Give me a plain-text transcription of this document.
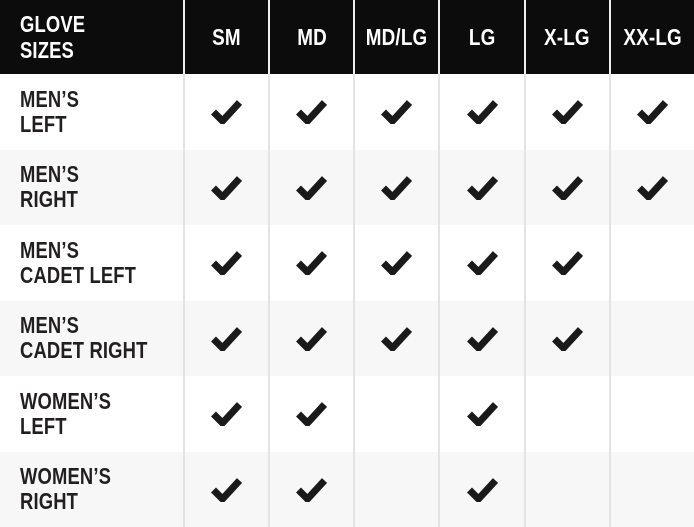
GLOVE
SIZES
SM MD MD/LG LG X-LG XX-LG
MEN’S
LEFT
MEN’S
RIGHT
MEN’S
CADET LEFT
MEN’S
CADET RIGHT
WOMEN’S
LEFT
WOMEN’S
RIGHT
